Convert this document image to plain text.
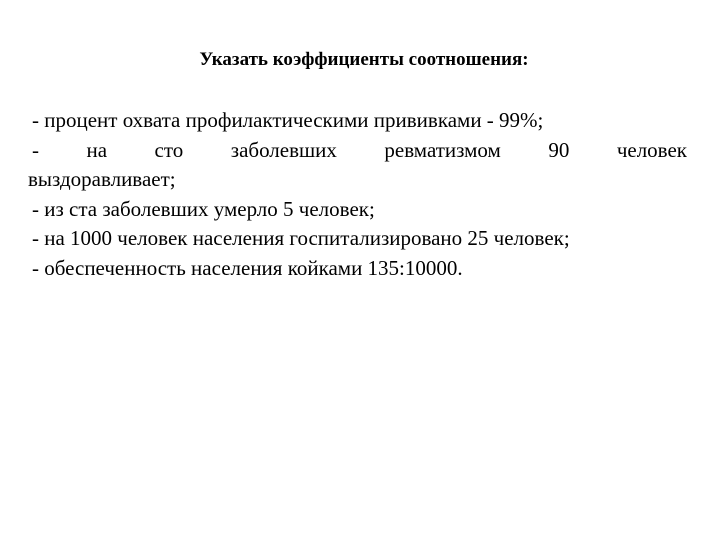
Указать коэффициенты соотношения:

- процент охвата профилактическими прививками - 99%;

- на сто заболевших ревматизмом 90 человек
выздоравливает;

- из ста заболевших умерло 5 человек;

- на 1000 человек населения госпитализировано 25 человек;

- обеспеченность населения койками 135:10000.
